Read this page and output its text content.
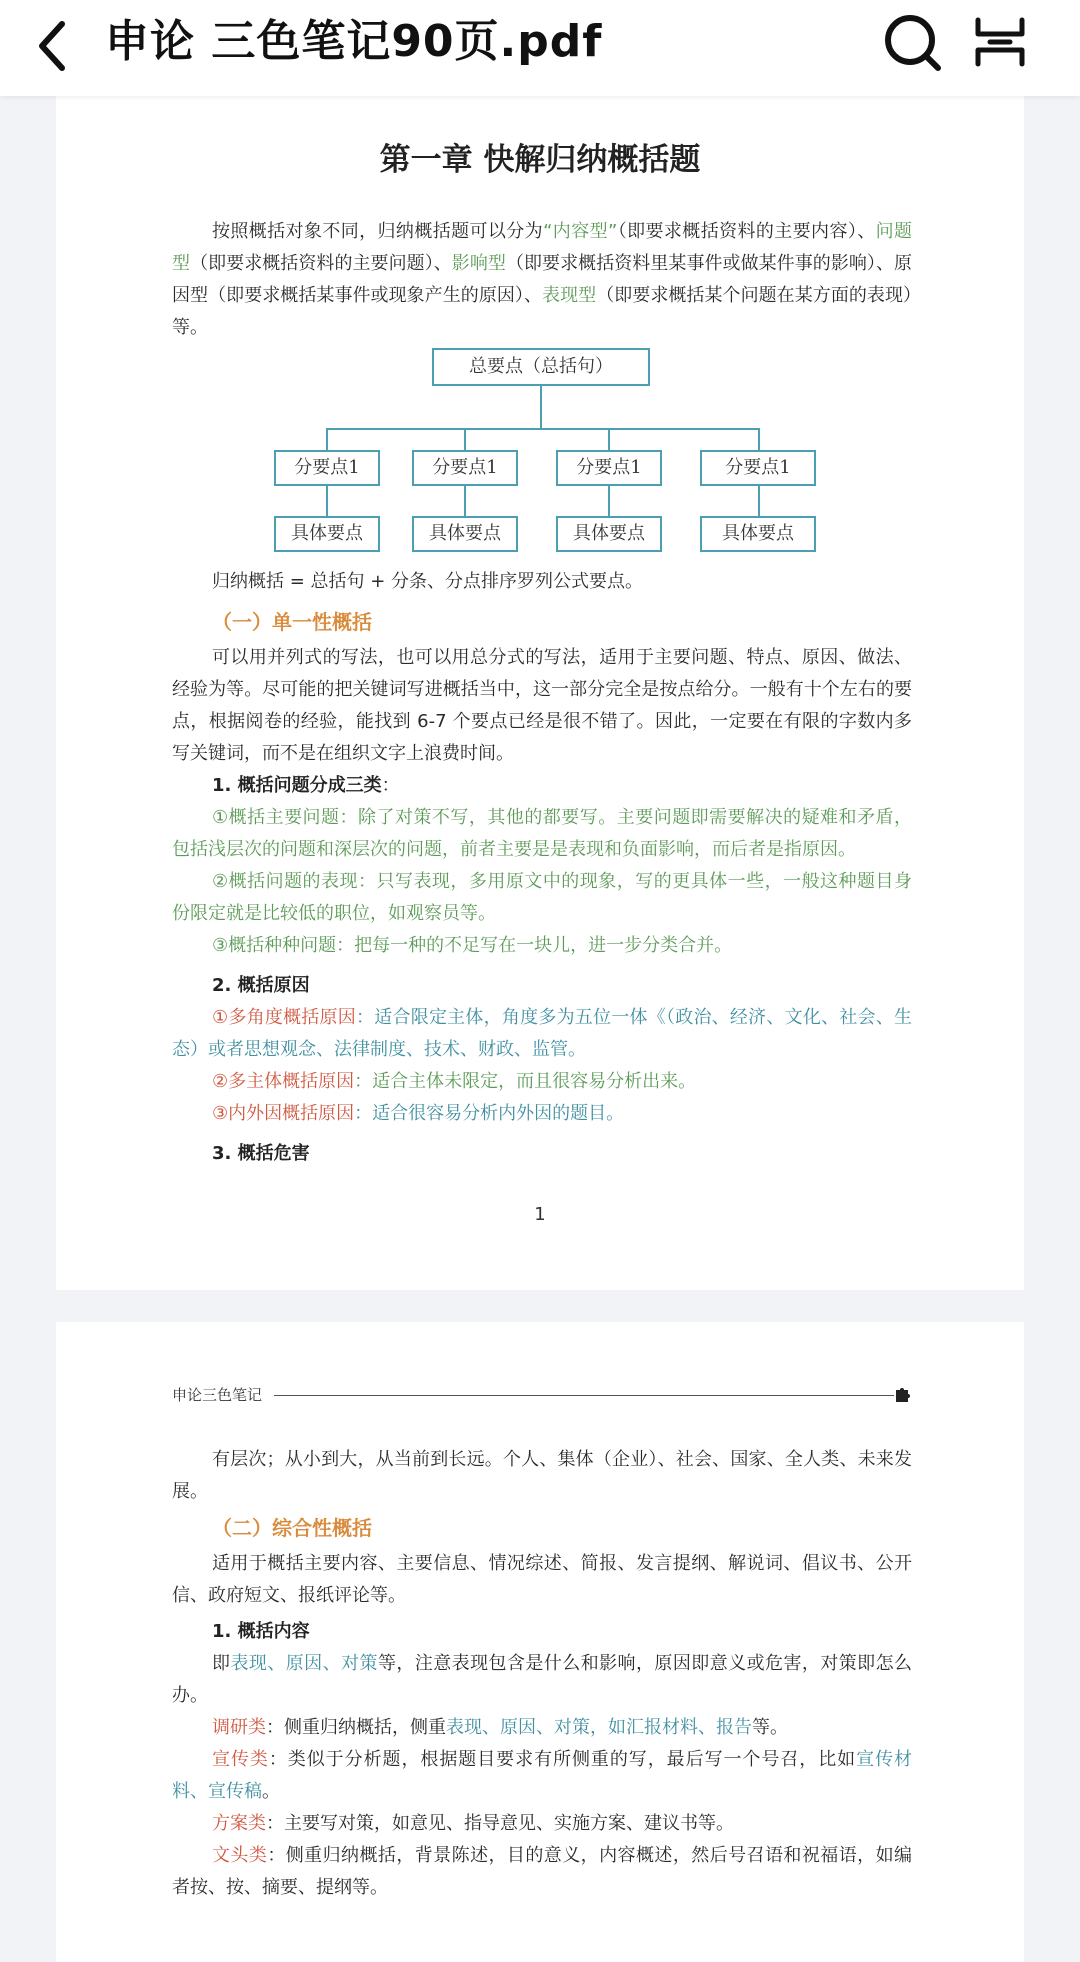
申论 三色笔记90页.pdf
第一章 快解归纳概括题

按照概括对象不同，归纳概括题可以分为“内容型”（即要求概括资料的主要内容）、问题型（即要求概括资料的主要问题）、影响型（即要求概括资料里某事件或做某件事的影响）、原因型（即要求概括某事件或现象产生的原因）、表现型（即要求概括某个问题在某方面的表现）等。

总要点（总括句）
分要点1	分要点1	分要点1	分要点1
具体要点	具体要点	具体要点	具体要点

归纳概括 = 总括句 + 分条、分点排序罗列公式要点。

（一）单一性概括

可以用并列式的写法，也可以用总分式的写法，适用于主要问题、特点、原因、做法、经验为等。尽可能的把关键词写进概括当中，这一部分完全是按点给分。一般有十个左右的要点，根据阅卷的经验，能找到 6-7 个要点已经是很不错了。因此，一定要在有限的字数内多写关键词，而不是在组织文字上浪费时间。

1. 概括问题分成三类：

①概括主要问题：除了对策不写，其他的都要写。主要问题即需要解决的疑难和矛盾，包括浅层次的问题和深层次的问题，前者主要是是表现和负面影响，而后者是指原因。

②概括问题的表现：只写表现，多用原文中的现象，写的更具体一些，一般这种题目身份限定就是比较低的职位，如观察员等。

③概括种种问题：把每一种的不足写在一块儿，进一步分类合并。

2. 概括原因

①多角度概括原因：适合限定主体，角度多为五位一体《（政治、经济、文化、社会、生态）或者思想观念、法律制度、技术、财政、监管。

②多主体概括原因：适合主体未限定，而且很容易分析出来。

③内外因概括原因：适合很容易分析内外因的题目。

3. 概括危害

1
申论三色笔记

有层次；从小到大，从当前到长远。个人、集体（企业）、社会、国家、全人类、未来发展。

（二）综合性概括

适用于概括主要内容、主要信息、情况综述、简报、发言提纲、解说词、倡议书、公开信、政府短文、报纸评论等。

1. 概括内容

即表现、原因、对策等，注意表现包含是什么和影响，原因即意义或危害，对策即怎么办。

调研类：侧重归纳概括，侧重表现、原因、对策，如汇报材料、报告等。

宣传类：类似于分析题，根据题目要求有所侧重的写，最后写一个号召，比如宣传材料、宣传稿。

方案类：主要写对策，如意见、指导意见、实施方案、建议书等。

文头类：侧重归纳概括，背景陈述，目的意义，内容概述，然后号召语和祝福语，如编者按、按、摘要、提纲等。
